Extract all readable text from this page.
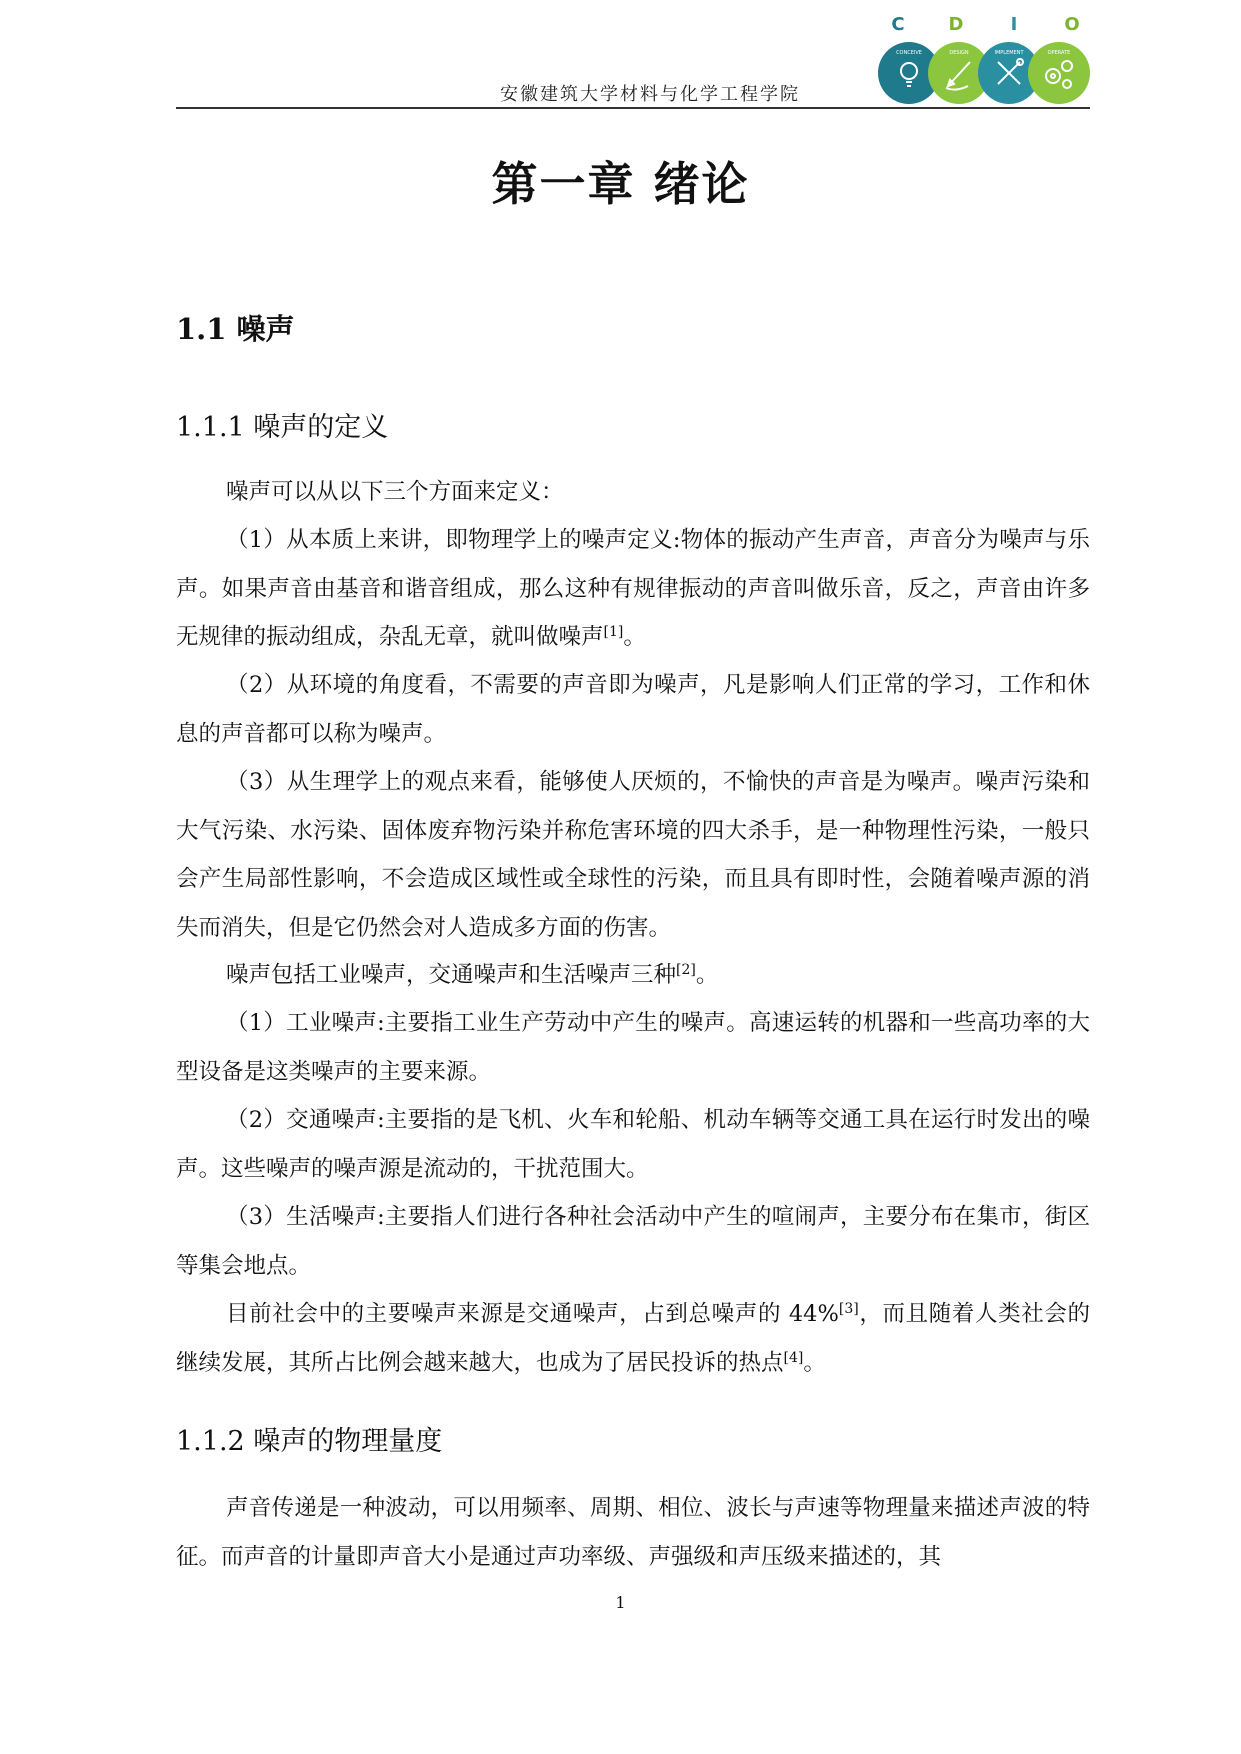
安徽建筑大学材料与化学工程学院
C	D	I	O
CONCEIVE	DESIGN	IMPLEMENT	OPERATE
第一章 绪论
1.1 噪声
1.1.1 噪声的定义

噪声可以从以下三个方面来定义：

（1）从本质上来讲，即物理学上的噪声定义:物体的振动产生声音，声音分为噪声与乐声。如果声音由基音和谐音组成，那么这种有规律振动的声音叫做乐音，反之，声音由许多无规律的振动组成，杂乱无章，就叫做噪声[1]。

（2）从环境的角度看，不需要的声音即为噪声，凡是影响人们正常的学习，工作和休息的声音都可以称为噪声。

（3）从生理学上的观点来看，能够使人厌烦的，不愉快的声音是为噪声。噪声污染和大气污染、水污染、固体废弃物污染并称危害环境的四大杀手，是一种物理性污染，一般只会产生局部性影响，不会造成区域性或全球性的污染，而且具有即时性，会随着噪声源的消失而消失，但是它仍然会对人造成多方面的伤害。

噪声包括工业噪声，交通噪声和生活噪声三种[2]。

（1）工业噪声:主要指工业生产劳动中产生的噪声。高速运转的机器和一些高功率的大型设备是这类噪声的主要来源。

（2）交通噪声:主要指的是飞机、火车和轮船、机动车辆等交通工具在运行时发出的噪声。这些噪声的噪声源是流动的，干扰范围大。

（3）生活噪声:主要指人们进行各种社会活动中产生的喧闹声，主要分布在集市，街区等集会地点。

目前社会中的主要噪声来源是交通噪声，占到总噪声的 44%[3]，而且随着人类社会的继续发展，其所占比例会越来越大，也成为了居民投诉的热点[4]。

1.1.2 噪声的物理量度

声音传递是一种波动，可以用频率、周期、相位、波长与声速等物理量来描述声波的特征。而声音的计量即声音大小是通过声功率级、声强级和声压级来描述的，其

1
